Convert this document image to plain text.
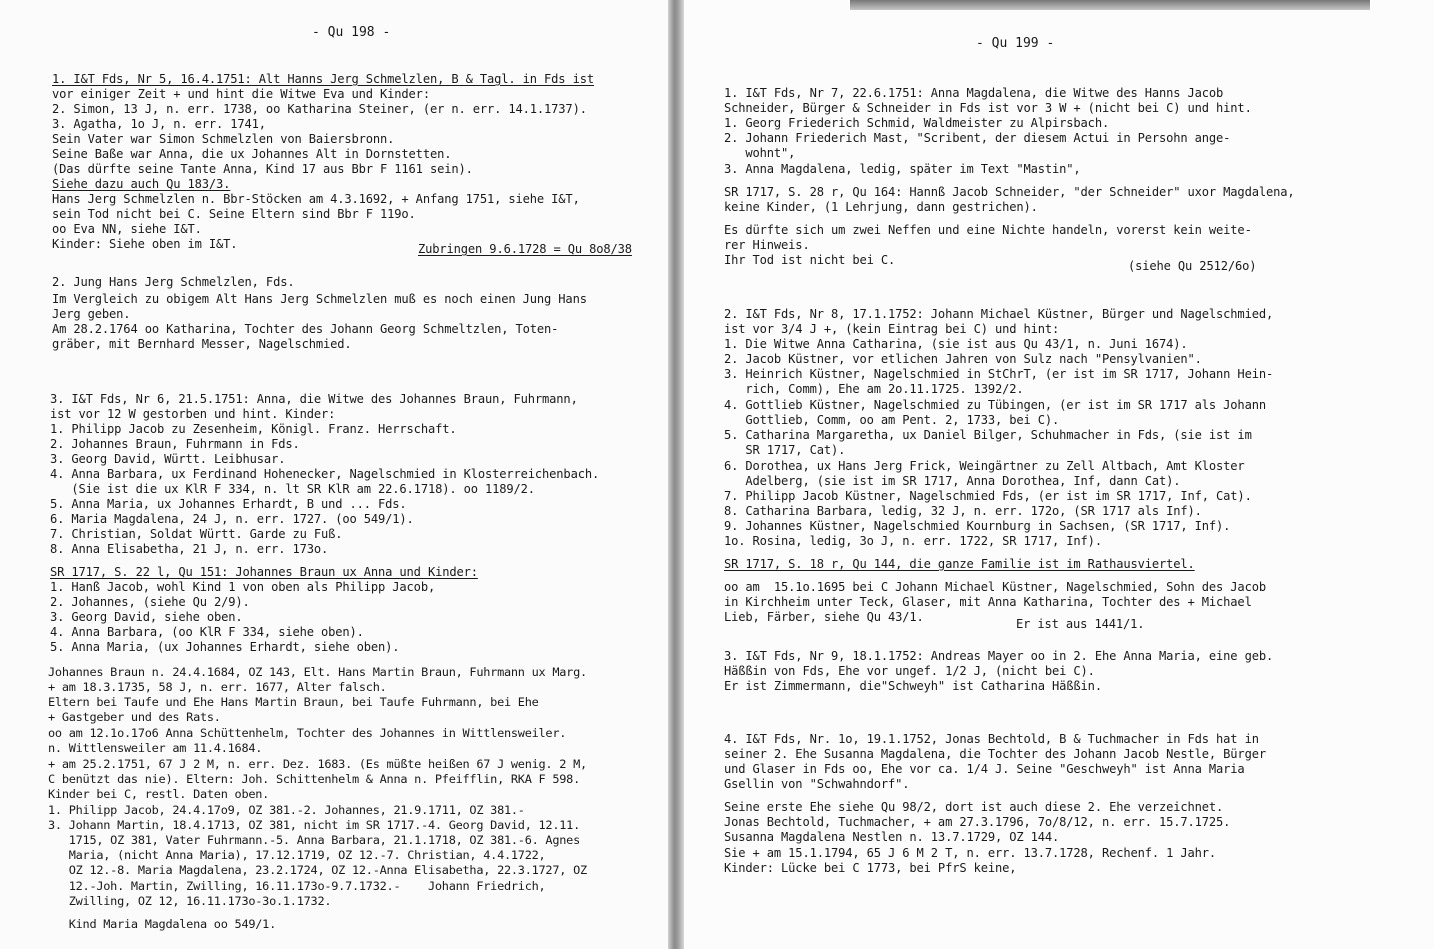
- Qu 198 -
1. I&T Fds, Nr 5, 16.4.1751: Alt Hanns Jerg Schmelzlen, B & Tagl. in Fds ist
vor einiger Zeit + und hint die Witwe Eva und Kinder:
2. Simon, 13 J, n. err. 1738, oo Katharina Steiner, (er n. err. 14.1.1737).
3. Agatha, 1o J, n. err. 1741,
Sein Vater war Simon Schmelzlen von Baiersbronn.
Seine Baße war Anna, die ux Johannes Alt in Dornstetten.
(Das dürfte seine Tante Anna, Kind 17 aus Bbr F 1161 sein).
Siehe dazu auch Qu 183/3.
Hans Jerg Schmelzlen n. Bbr-Stöcken am 4.3.1692, + Anfang 1751, siehe I&T,
sein Tod nicht bei C. Seine Eltern sind Bbr F 119o.
oo Eva NN, siehe I&T.
Kinder: Siehe oben im I&T.	Zubringen 9.6.1728 = Qu 8o8/38
2. Jung Hans Jerg Schmelzlen, Fds.
Im Vergleich zu obigem Alt Hans Jerg Schmelzlen muß es noch einen Jung Hans
Jerg geben.
Am 28.2.1764 oo Katharina, Tochter des Johann Georg Schmeltzlen, Toten-
gräber, mit Bernhard Messer, Nagelschmied.
3. I&T Fds, Nr 6, 21.5.1751: Anna, die Witwe des Johannes Braun, Fuhrmann,
ist vor 12 W gestorben und hint. Kinder:
1. Philipp Jacob zu Zesenheim, Königl. Franz. Herrschaft.
2. Johannes Braun, Fuhrmann in Fds.
3. Georg David, Württ. Leibhusar.
4. Anna Barbara, ux Ferdinand Hohenecker, Nagelschmied in Klosterreichenbach.
(Sie ist die ux KlR F 334, n. lt SR KlR am 22.6.1718). oo 1189/2.
5. Anna Maria, ux Johannes Erhardt, B und ... Fds.
6. Maria Magdalena, 24 J, n. err. 1727. (oo 549/1).
7. Christian, Soldat Württ. Garde zu Fuß.
8. Anna Elisabetha, 21 J, n. err. 173o.
SR 1717, S. 22 l, Qu 151: Johannes Braun ux Anna und Kinder:
1. Hanß Jacob, wohl Kind 1 von oben als Philipp Jacob,
2. Johannes, (siehe Qu 2/9).
3. Georg David, siehe oben.
4. Anna Barbara, (oo KlR F 334, siehe oben).
5. Anna Maria, (ux Johannes Erhardt, siehe oben).
Johannes Braun n. 24.4.1684, OZ 143, Elt. Hans Martin Braun, Fuhrmann ux Marg.
+ am 18.3.1735, 58 J, n. err. 1677, Alter falsch.
Eltern bei Taufe und Ehe Hans Martin Braun, bei Taufe Fuhrmann, bei Ehe
+ Gastgeber und des Rats.
oo am 12.1o.17o6 Anna Schüttenhelm, Tochter des Johannes in Wittlensweiler.
n. Wittlensweiler am 11.4.1684.
+ am 25.2.1751, 67 J 2 M, n. err. Dez. 1683. (Es müßte heißen 67 J wenig. 2 M,
C benützt das nie). Eltern: Joh. Schittenhelm & Anna n. Pfeifflin, RKA F 598.
Kinder bei C, restl. Daten oben.
1. Philipp Jacob, 24.4.17o9, OZ 381.-2. Johannes, 21.9.1711, OZ 381.-
3. Johann Martin, 18.4.1713, OZ 381, nicht im SR 1717.-4. Georg David, 12.11.
1715, OZ 381, Vater Fuhrmann.-5. Anna Barbara, 21.1.1718, OZ 381.-6. Agnes
Maria, (nicht Anna Maria), 17.12.1719, OZ 12.-7. Christian, 4.4.1722,
OZ 12.-8. Maria Magdalena, 23.2.1724, OZ 12.-Anna Elisabetha, 22.3.1727, OZ
12.-Joh. Martin, Zwilling, 16.11.173o-9.7.1732.-    Johann Friedrich,
Zwilling, OZ 12, 16.11.173o-3o.1.1732.
Kind Maria Magdalena oo 549/1.
- Qu 199 -
1. I&T Fds, Nr 7, 22.6.1751: Anna Magdalena, die Witwe des Hanns Jacob
Schneider, Bürger & Schneider in Fds ist vor 3 W + (nicht bei C) und hint.
1. Georg Friederich Schmid, Waldmeister zu Alpirsbach.
2. Johann Friederich Mast, "Scribent, der diesem Actui in Persohn ange-
wohnt",
3. Anna Magdalena, ledig, später im Text "Mastin",
SR 1717, S. 28 r, Qu 164: Hannß Jacob Schneider, "der Schneider" uxor Magdalena,
keine Kinder, (1 Lehrjung, dann gestrichen).
Es dürfte sich um zwei Neffen und eine Nichte handeln, vorerst kein weite-
rer Hinweis.
Ihr Tod ist nicht bei C.	(siehe Qu 2512/6o)
2. I&T Fds, Nr 8, 17.1.1752: Johann Michael Küstner, Bürger und Nagelschmied,
ist vor 3/4 J +, (kein Eintrag bei C) und hint:
1. Die Witwe Anna Catharina, (sie ist aus Qu 43/1, n. Juni 1674).
2. Jacob Küstner, vor etlichen Jahren von Sulz nach "Pensylvanien".
3. Heinrich Küstner, Nagelschmied in StChrT, (er ist im SR 1717, Johann Hein-
rich, Comm), Ehe am 2o.11.1725. 1392/2.
4. Gottlieb Küstner, Nagelschmied zu Tübingen, (er ist im SR 1717 als Johann
Gottlieb, Comm, oo am Pent. 2, 1733, bei C).
5. Catharina Margaretha, ux Daniel Bilger, Schuhmacher in Fds, (sie ist im
SR 1717, Cat).
6. Dorothea, ux Hans Jerg Frick, Weingärtner zu Zell Altbach, Amt Kloster
Adelberg, (sie ist im SR 1717, Anna Dorothea, Inf, dann Cat).
7. Philipp Jacob Küstner, Nagelschmied Fds, (er ist im SR 1717, Inf, Cat).
8. Catharina Barbara, ledig, 32 J, n. err. 172o, (SR 1717 als Inf).
9. Johannes Küstner, Nagelschmied Kournburg in Sachsen, (SR 1717, Inf).
1o. Rosina, ledig, 3o J, n. err. 1722, SR 1717, Inf).
SR 1717, S. 18 r, Qu 144, die ganze Familie ist im Rathausviertel.
oo am  15.1o.1695 bei C Johann Michael Küstner, Nagelschmied, Sohn des Jacob
in Kirchheim unter Teck, Glaser, mit Anna Katharina, Tochter des + Michael
Lieb, Färber, siehe Qu 43/1.	Er ist aus 1441/1.
3. I&T Fds, Nr 9, 18.1.1752: Andreas Mayer oo in 2. Ehe Anna Maria, eine geb.
Häßßin von Fds, Ehe vor ungef. 1/2 J, (nicht bei C).
Er ist Zimmermann, die"Schweyh" ist Catharina Häßßin.
4. I&T Fds, Nr. 1o, 19.1.1752, Jonas Bechtold, B & Tuchmacher in Fds hat in
seiner 2. Ehe Susanna Magdalena, die Tochter des Johann Jacob Nestle, Bürger
und Glaser in Fds oo, Ehe vor ca. 1/4 J. Seine "Geschweyh" ist Anna Maria
Gsellin von "Schwahndorf".
Seine erste Ehe siehe Qu 98/2, dort ist auch diese 2. Ehe verzeichnet.
Jonas Bechtold, Tuchmacher, + am 27.3.1796, 7o/8/12, n. err. 15.7.1725.
Susanna Magdalena Nestlen n. 13.7.1729, OZ 144.
Sie + am 15.1.1794, 65 J 6 M 2 T, n. err. 13.7.1728, Rechenf. 1 Jahr.
Kinder: Lücke bei C 1773, bei PfrS keine,
